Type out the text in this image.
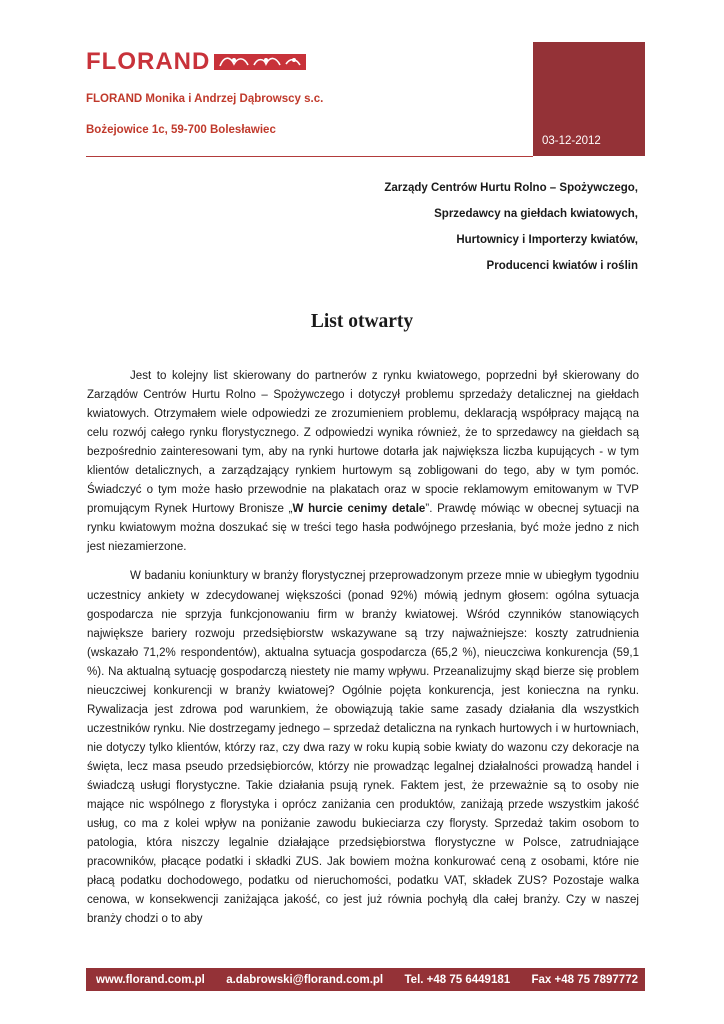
FLORAND
FLORAND Monika i Andrzej Dąbrowscy s.c.
Bożejowice 1c, 59-700 Bolesławiec
03-12-2012
Zarządy Centrów Hurtu Rolno – Spożywczego,
Sprzedawcy na giełdach kwiatowych,
Hurtownicy i Importerzy kwiatów,
Producenci kwiatów i roślin
List otwarty

Jest to kolejny list skierowany do partnerów z rynku kwiatowego, poprzedni był skierowany do Zarządów Centrów Hurtu Rolno – Spożywczego i dotyczył problemu sprzedaży detalicznej na giełdach kwiatowych. Otrzymałem wiele odpowiedzi ze zrozumieniem problemu, deklaracją współpracy mającą na celu rozwój całego rynku florystycznego. Z odpowiedzi wynika również, że to sprzedawcy na giełdach są bezpośrednio zainteresowani tym, aby na rynki hurtowe dotarła jak największa liczba kupujących - w tym klientów detalicznych, a zarządzający rynkiem hurtowym są zobligowani do tego, aby w tym pomóc. Świadczyć o tym może hasło przewodnie na plakatach oraz w spocie reklamowym emitowanym w TVP promującym Rynek Hurtowy Bronisze „W hurcie cenimy detale”. Prawdę mówiąc w obecnej sytuacji na rynku kwiatowym można doszukać się w treści tego hasła podwójnego przesłania, być może jedno z nich jest niezamierzone.

W badaniu koniunktury w branży florystycznej przeprowadzonym przeze mnie w ubiegłym tygodniu uczestnicy ankiety w zdecydowanej większości (ponad 92%) mówią jednym głosem: ogólna sytuacja gospodarcza nie sprzyja funkcjonowaniu firm w branży kwiatowej. Wśród czynników stanowiących największe bariery rozwoju przedsiębiorstw wskazywane są trzy najważniejsze: koszty zatrudnienia (wskazało 71,2% respondentów), aktualna sytuacja gospodarcza (65,2 %), nieuczciwa konkurencja (59,1 %). Na aktualną sytuację gospodarczą niestety nie mamy wpływu. Przeanalizujmy skąd bierze się problem nieuczciwej konkurencji w branży kwiatowej? Ogólnie pojęta konkurencja, jest konieczna na rynku. Rywalizacja jest zdrowa pod warunkiem, że obowiązują takie same zasady działania dla wszystkich uczestników rynku. Nie dostrzegamy jednego – sprzedaż detaliczna na rynkach hurtowych i w hurtowniach, nie dotyczy tylko klientów, którzy raz, czy dwa razy w roku kupią sobie kwiaty do wazonu czy dekoracje na święta, lecz masa pseudo przedsiębiorców, którzy nie prowadząc legalnej działalności prowadzą handel i świadczą usługi florystyczne. Takie działania psują rynek. Faktem jest, że przeważnie są to osoby nie mające nic wspólnego z florystyka i oprócz zaniżania cen produktów, zaniżają przede wszystkim jakość usług, co ma z kolei wpływ na poniżanie zawodu bukieciarza czy florysty. Sprzedaż takim osobom to patologia, która niszczy legalnie działające przedsiębiorstwa florystyczne w Polsce, zatrudniające pracowników, płacące podatki i składki ZUS. Jak bowiem można konkurować ceną z osobami, które nie płacą podatku dochodowego, podatku od nieruchomości, podatku VAT, składek ZUS? Pozostaje walka cenowa, w konsekwencji zaniżająca jakość, co jest już równia pochyłą dla całej branży. Czy w naszej branży chodzi o to aby

www.florand.com.pl a.dabrowski@florand.com.pl Tel. +48 75 6449181 Fax +48 75 7897772
